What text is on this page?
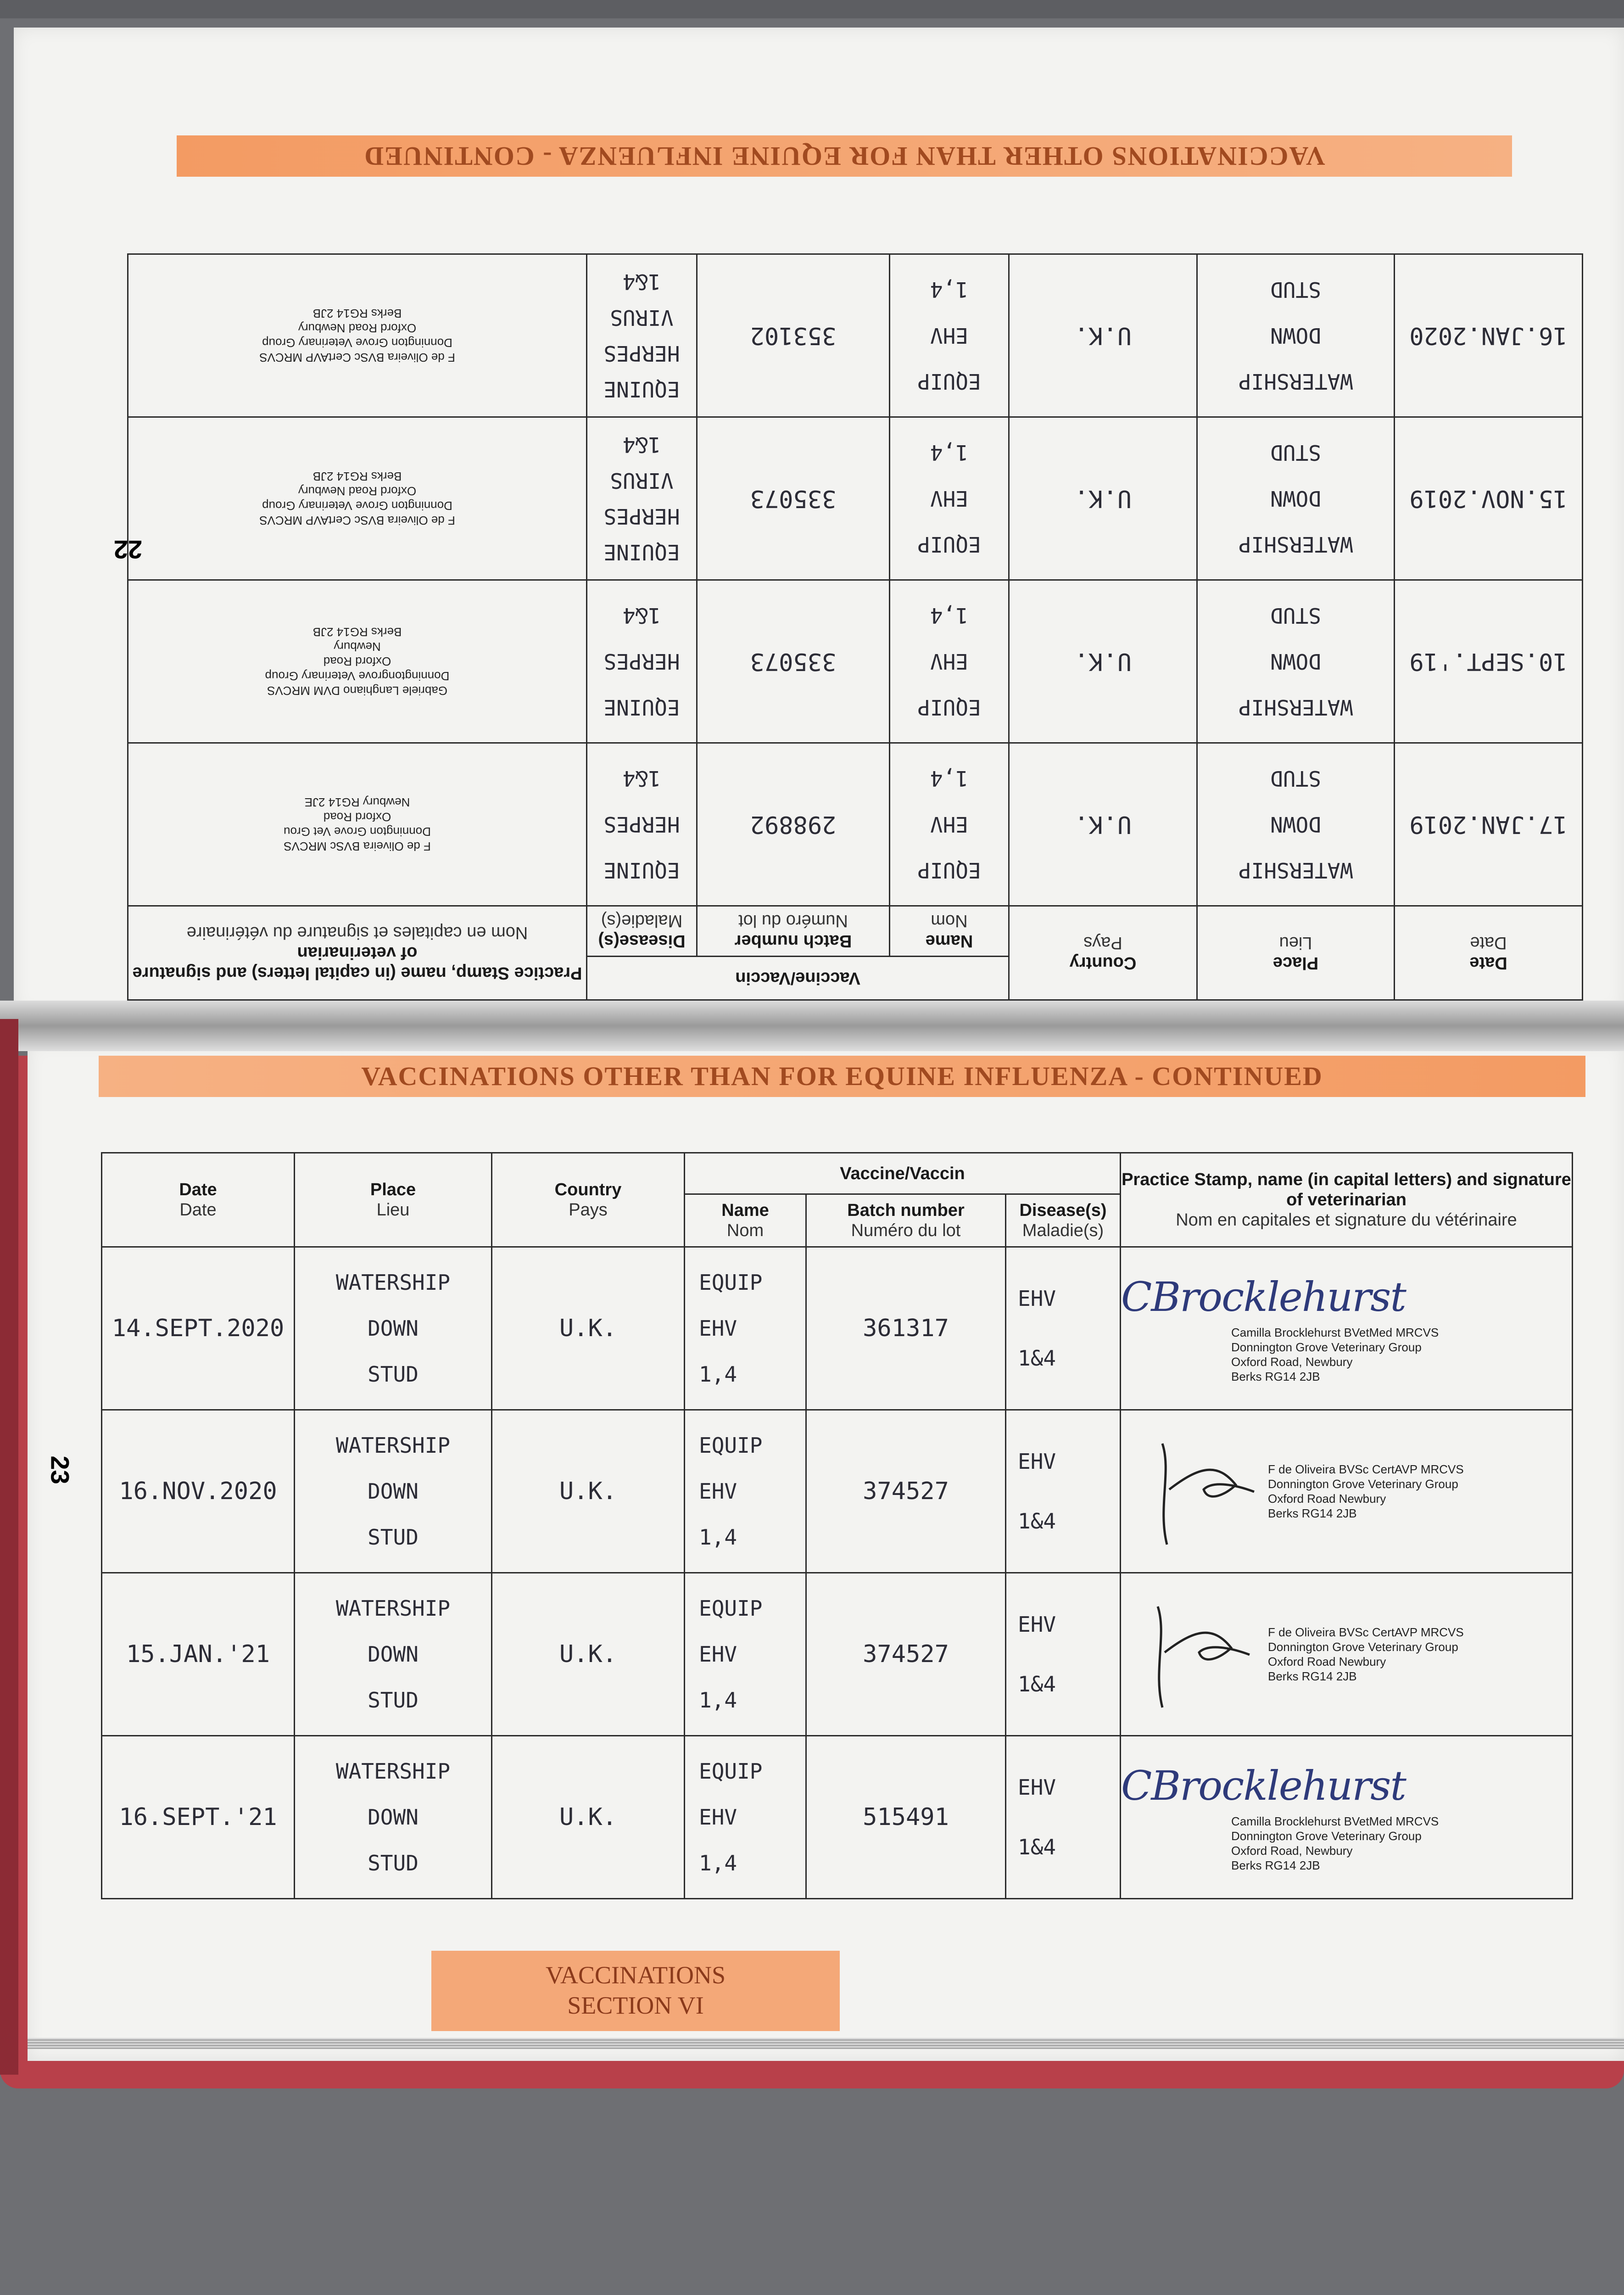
VACCINATIONS OTHER THAN FOR EQUINE INFLUENZA - CONTINUED
22
Date
Date	Place
Lieu	Country
Pays	Vaccine/Vaccin			Practice Stamp, name (in capital letters) and signature of veterinarian
Nom en capitales et signature du vétérinaire

			Name
Nom	Batch number
Numéro du lot	Disease(s)
Maladie(s)	

17.JAN.2019	WATERSHIP
DOWN
STUD	U.K.	EQUIP
EHV
1,4	298892	EQUINE
HERPES
1&4	F de Oliveira BVSc MRCVS
Donnington Grove Vet Grou
Oxford Road
Newbury RG14 2JE

10.SEPT.'19	WATERSHIP
DOWN
STUD	U.K.	EQUIP
EHV
1,4	335073	EQUINE
HERPES
1&4	Gabriele Langhiano DVM MRCVS
Donningtongrove Veterinary Group
Oxford Road
Newbury
Berks RG14 2JB

15.NOV.2019	WATERSHIP
DOWN
STUD	U.K.	EQUIP
EHV
1,4	335073	EQUINE
HERPES
VIRUS
1&4	F de Oliveira BVSc CertAVP MRCVS
Donnington Grove Veterinary Group
Oxford Road Newbury
Berks RG14 2JB

16.JAN.2020	WATERSHIP
DOWN
STUD	U.K.	EQUIP
EHV
1,4	353102	EQUINE
HERPES
VIRUS
1&4	F de Oliveira BVSc CertAVP MRCVS
Donnington Grove Veterinary Group
Oxford Road Newbury
Berks RG14 2JB
VACCINATIONS OTHER THAN FOR EQUINE INFLUENZA - CONTINUED
23
Date
Date	Place
Lieu	Country
Pays	Vaccine/Vaccin			Practice Stamp, name (in capital letters) and signature of veterinarian
Nom en capitales et signature du vétérinaire

			Name
Nom	Batch number
Numéro du lot	Disease(s)
Maladie(s)	

14.SEPT.2020	WATERSHIP
DOWN
STUD	U.K.	EQUIP
EHV
1,4	361317	EHV
1&4	CBrocklehurst
Camilla Brocklehurst BVetMed MRCVS
Donnington Grove Veterinary Group
Oxford Road, Newbury
Berks RG14 2JB

16.NOV.2020	WATERSHIP
DOWN
STUD	U.K.	EQUIP
EHV
1,4	374527	EHV
1&4	F de Oliveira BVSc CertAVP MRCVS
Donnington Grove Veterinary Group
Oxford Road Newbury
Berks RG14 2JB

15.JAN.'21	WATERSHIP
DOWN
STUD	U.K.	EQUIP
EHV
1,4	374527	EHV
1&4	F de Oliveira BVSc CertAVP MRCVS
Donnington Grove Veterinary Group
Oxford Road Newbury
Berks RG14 2JB

16.SEPT.'21	WATERSHIP
DOWN
STUD	U.K.	EQUIP
EHV
1,4	515491	EHV
1&4	CBrocklehurst
Camilla Brocklehurst BVetMed MRCVS
Donnington Grove Veterinary Group
Oxford Road, Newbury
Berks RG14 2JB
VACCINATIONS
SECTION VI
